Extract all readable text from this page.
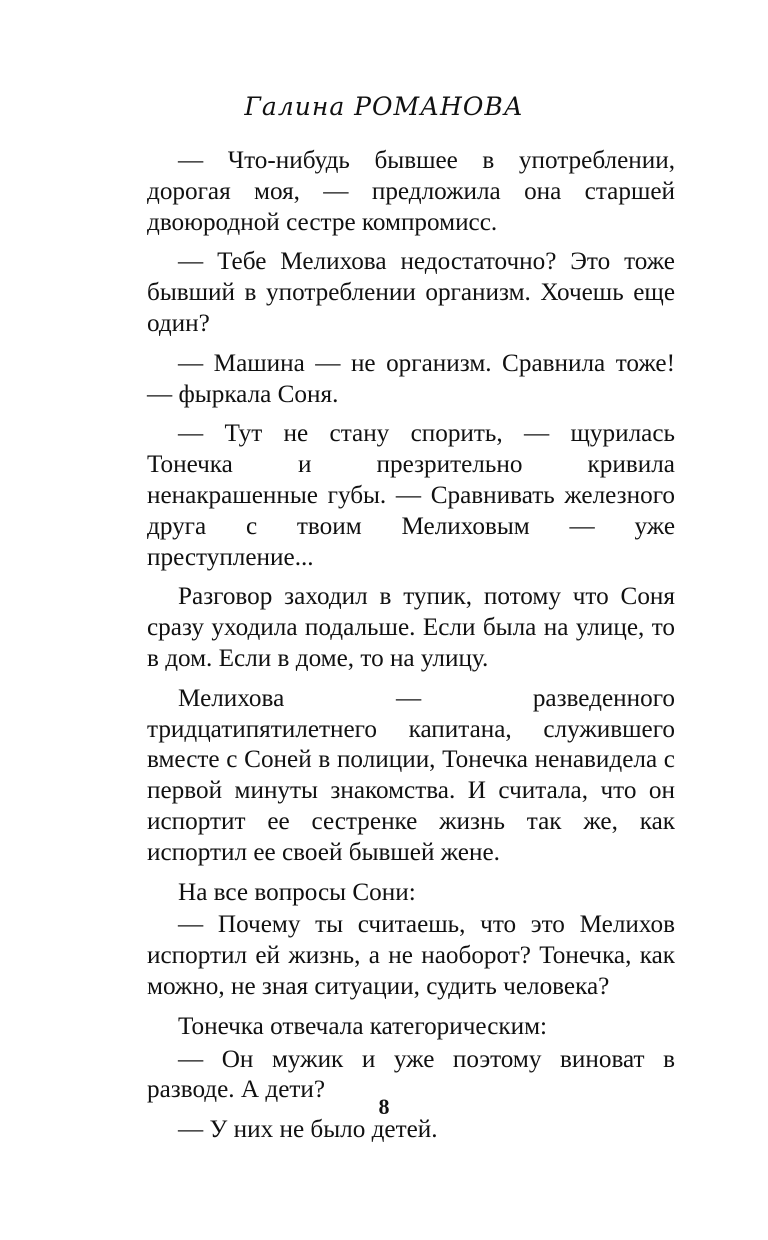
Галина РОМАНОВА

— Что-нибудь бывшее в употреблении, дорогая моя, — предложила она старшей двоюродной сестре компромисс.

— Тебе Мелихова недостаточно? Это тоже бывший в употреблении организм. Хочешь еще один?

— Машина — не организм. Сравнила тоже! — фыркала Соня.

— Тут не стану спорить, — щурилась Тонечка и презрительно кривила ненакрашенные губы. — Сравнивать железного друга с твоим Мелиховым — уже преступление...

Разговор заходил в тупик, потому что Соня сразу уходила подальше. Если была на улице, то в дом. Если в доме, то на улицу.

Мелихова — разведенного тридцатипятилетнего капитана, служившего вместе с Соней в полиции, Тонечка ненавидела с первой минуты знакомства. И считала, что он испортит ее сестренке жизнь так же, как испортил ее своей бывшей жене.

На все вопросы Сони:

— Почему ты считаешь, что это Мелихов испортил ей жизнь, а не наоборот? Тонечка, как можно, не зная ситуации, судить человека?

Тонечка отвечала категорическим:

— Он мужик и уже поэтому виноват в разводе. А дети?

— У них не было детей.

8
